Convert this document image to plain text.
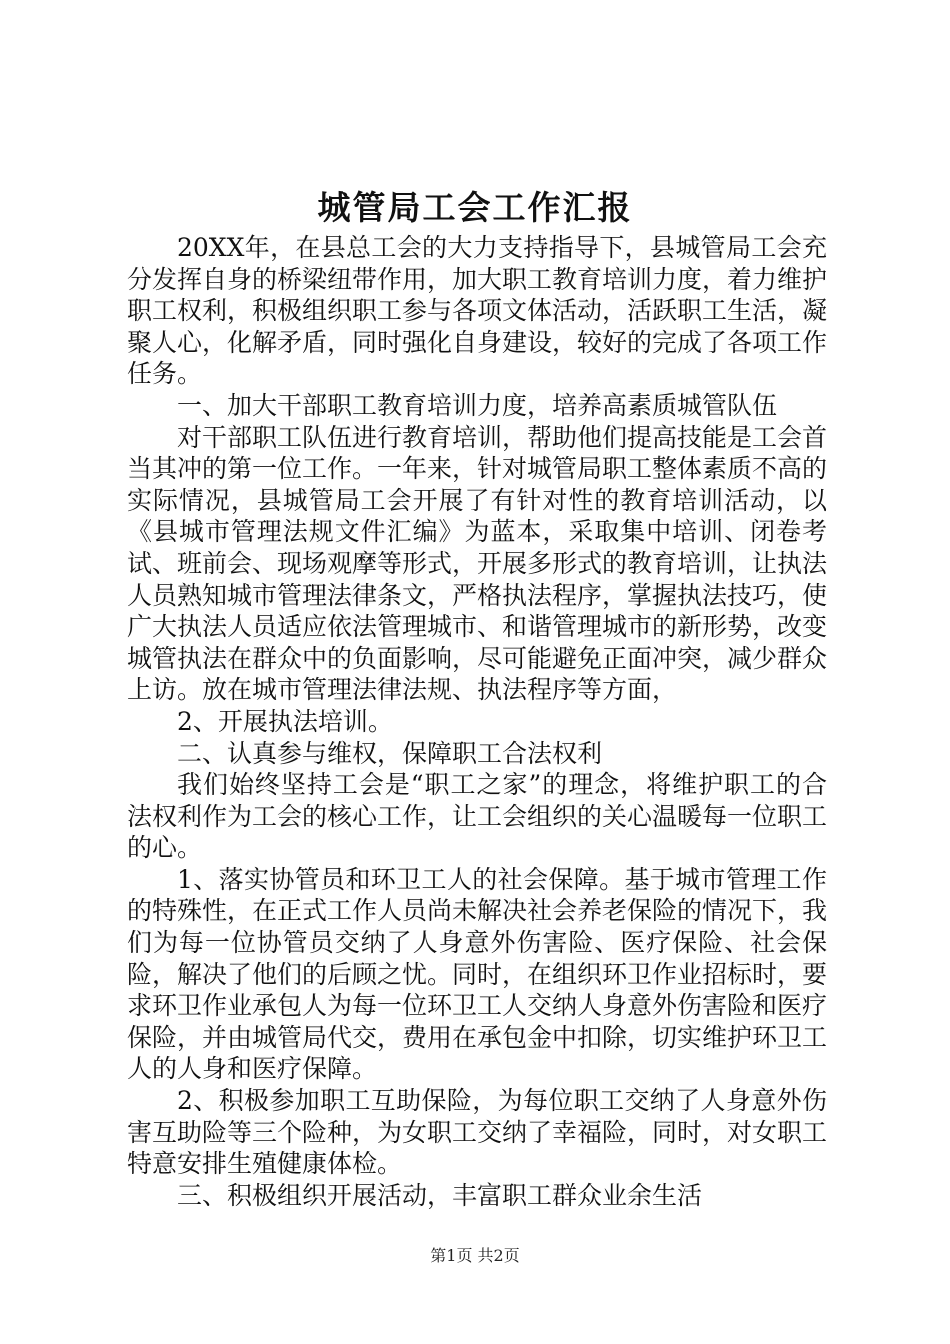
城管局工会工作汇报

20XX年，在县总工会的大力支持指导下，县城管局工会充分发挥自身的桥梁纽带作用，加大职工教育培训力度，着力维护职工权利，积极组织职工参与各项文体活动，活跃职工生活，凝聚人心，化解矛盾，同时强化自身建设，较好的完成了各项工作任务。

一、加大干部职工教育培训力度，培养高素质城管队伍

对干部职工队伍进行教育培训，帮助他们提高技能是工会首当其冲的第一位工作。一年来，针对城管局职工整体素质不高的实际情况，县城管局工会开展了有针对性的教育培训活动，以《县城市管理法规文件汇编》为蓝本，采取集中培训、闭卷考试、班前会、现场观摩等形式，开展多形式的教育培训，让执法人员熟知城市管理法律条文，严格执法程序，掌握执法技巧，使广大执法人员适应依法管理城市、和谐管理城市的新形势，改变城管执法在群众中的负面影响，尽可能避免正面冲突，减少群众上访。放在城市管理法律法规、执法程序等方面，

2、开展执法培训。

二、认真参与维权，保障职工合法权利

我们始终坚持工会是“职工之家”的理念，将维护职工的合法权利作为工会的核心工作，让工会组织的关心温暖每一位职工的心。

1、落实协管员和环卫工人的社会保障。基于城市管理工作的特殊性，在正式工作人员尚未解决社会养老保险的情况下，我们为每一位协管员交纳了人身意外伤害险、医疗保险、社会保险，解决了他们的后顾之忧。同时，在组织环卫作业招标时，要求环卫作业承包人为每一位环卫工人交纳人身意外伤害险和医疗保险，并由城管局代交，费用在承包金中扣除，切实维护环卫工人的人身和医疗保障。

2、积极参加职工互助保险，为每位职工交纳了人身意外伤害互助险等三个险种，为女职工交纳了幸福险，同时，对女职工特意安排生殖健康体检。

三、积极组织开展活动，丰富职工群众业余生活

第1页 共2页
